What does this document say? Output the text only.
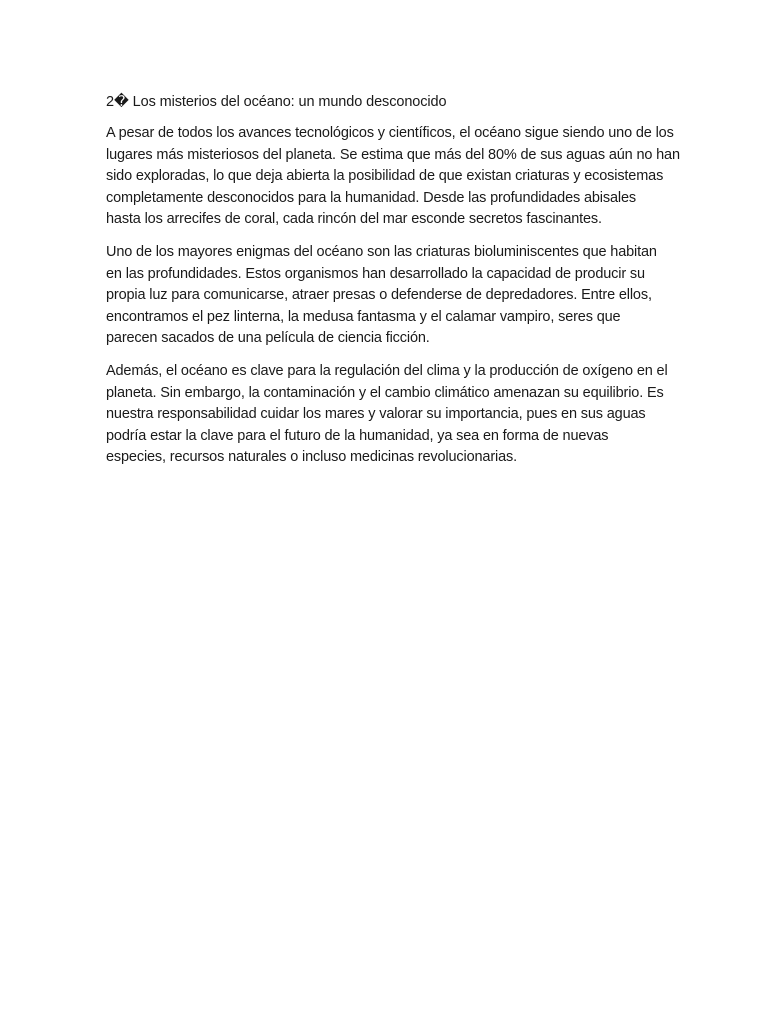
2� Los misterios del océano: un mundo desconocido

A pesar de todos los avances tecnológicos y científicos, el océano sigue siendo uno de los
lugares más misteriosos del planeta. Se estima que más del 80% de sus aguas aún no han
sido exploradas, lo que deja abierta la posibilidad de que existan criaturas y ecosistemas
completamente desconocidos para la humanidad. Desde las profundidades abisales
hasta los arrecifes de coral, cada rincón del mar esconde secretos fascinantes.

Uno de los mayores enigmas del océano son las criaturas bioluminiscentes que habitan
en las profundidades. Estos organismos han desarrollado la capacidad de producir su
propia luz para comunicarse, atraer presas o defenderse de depredadores. Entre ellos,
encontramos el pez linterna, la medusa fantasma y el calamar vampiro, seres que
parecen sacados de una película de ciencia ficción.

Además, el océano es clave para la regulación del clima y la producción de oxígeno en el
planeta. Sin embargo, la contaminación y el cambio climático amenazan su equilibrio. Es
nuestra responsabilidad cuidar los mares y valorar su importancia, pues en sus aguas
podría estar la clave para el futuro de la humanidad, ya sea en forma de nuevas
especies, recursos naturales o incluso medicinas revolucionarias.
